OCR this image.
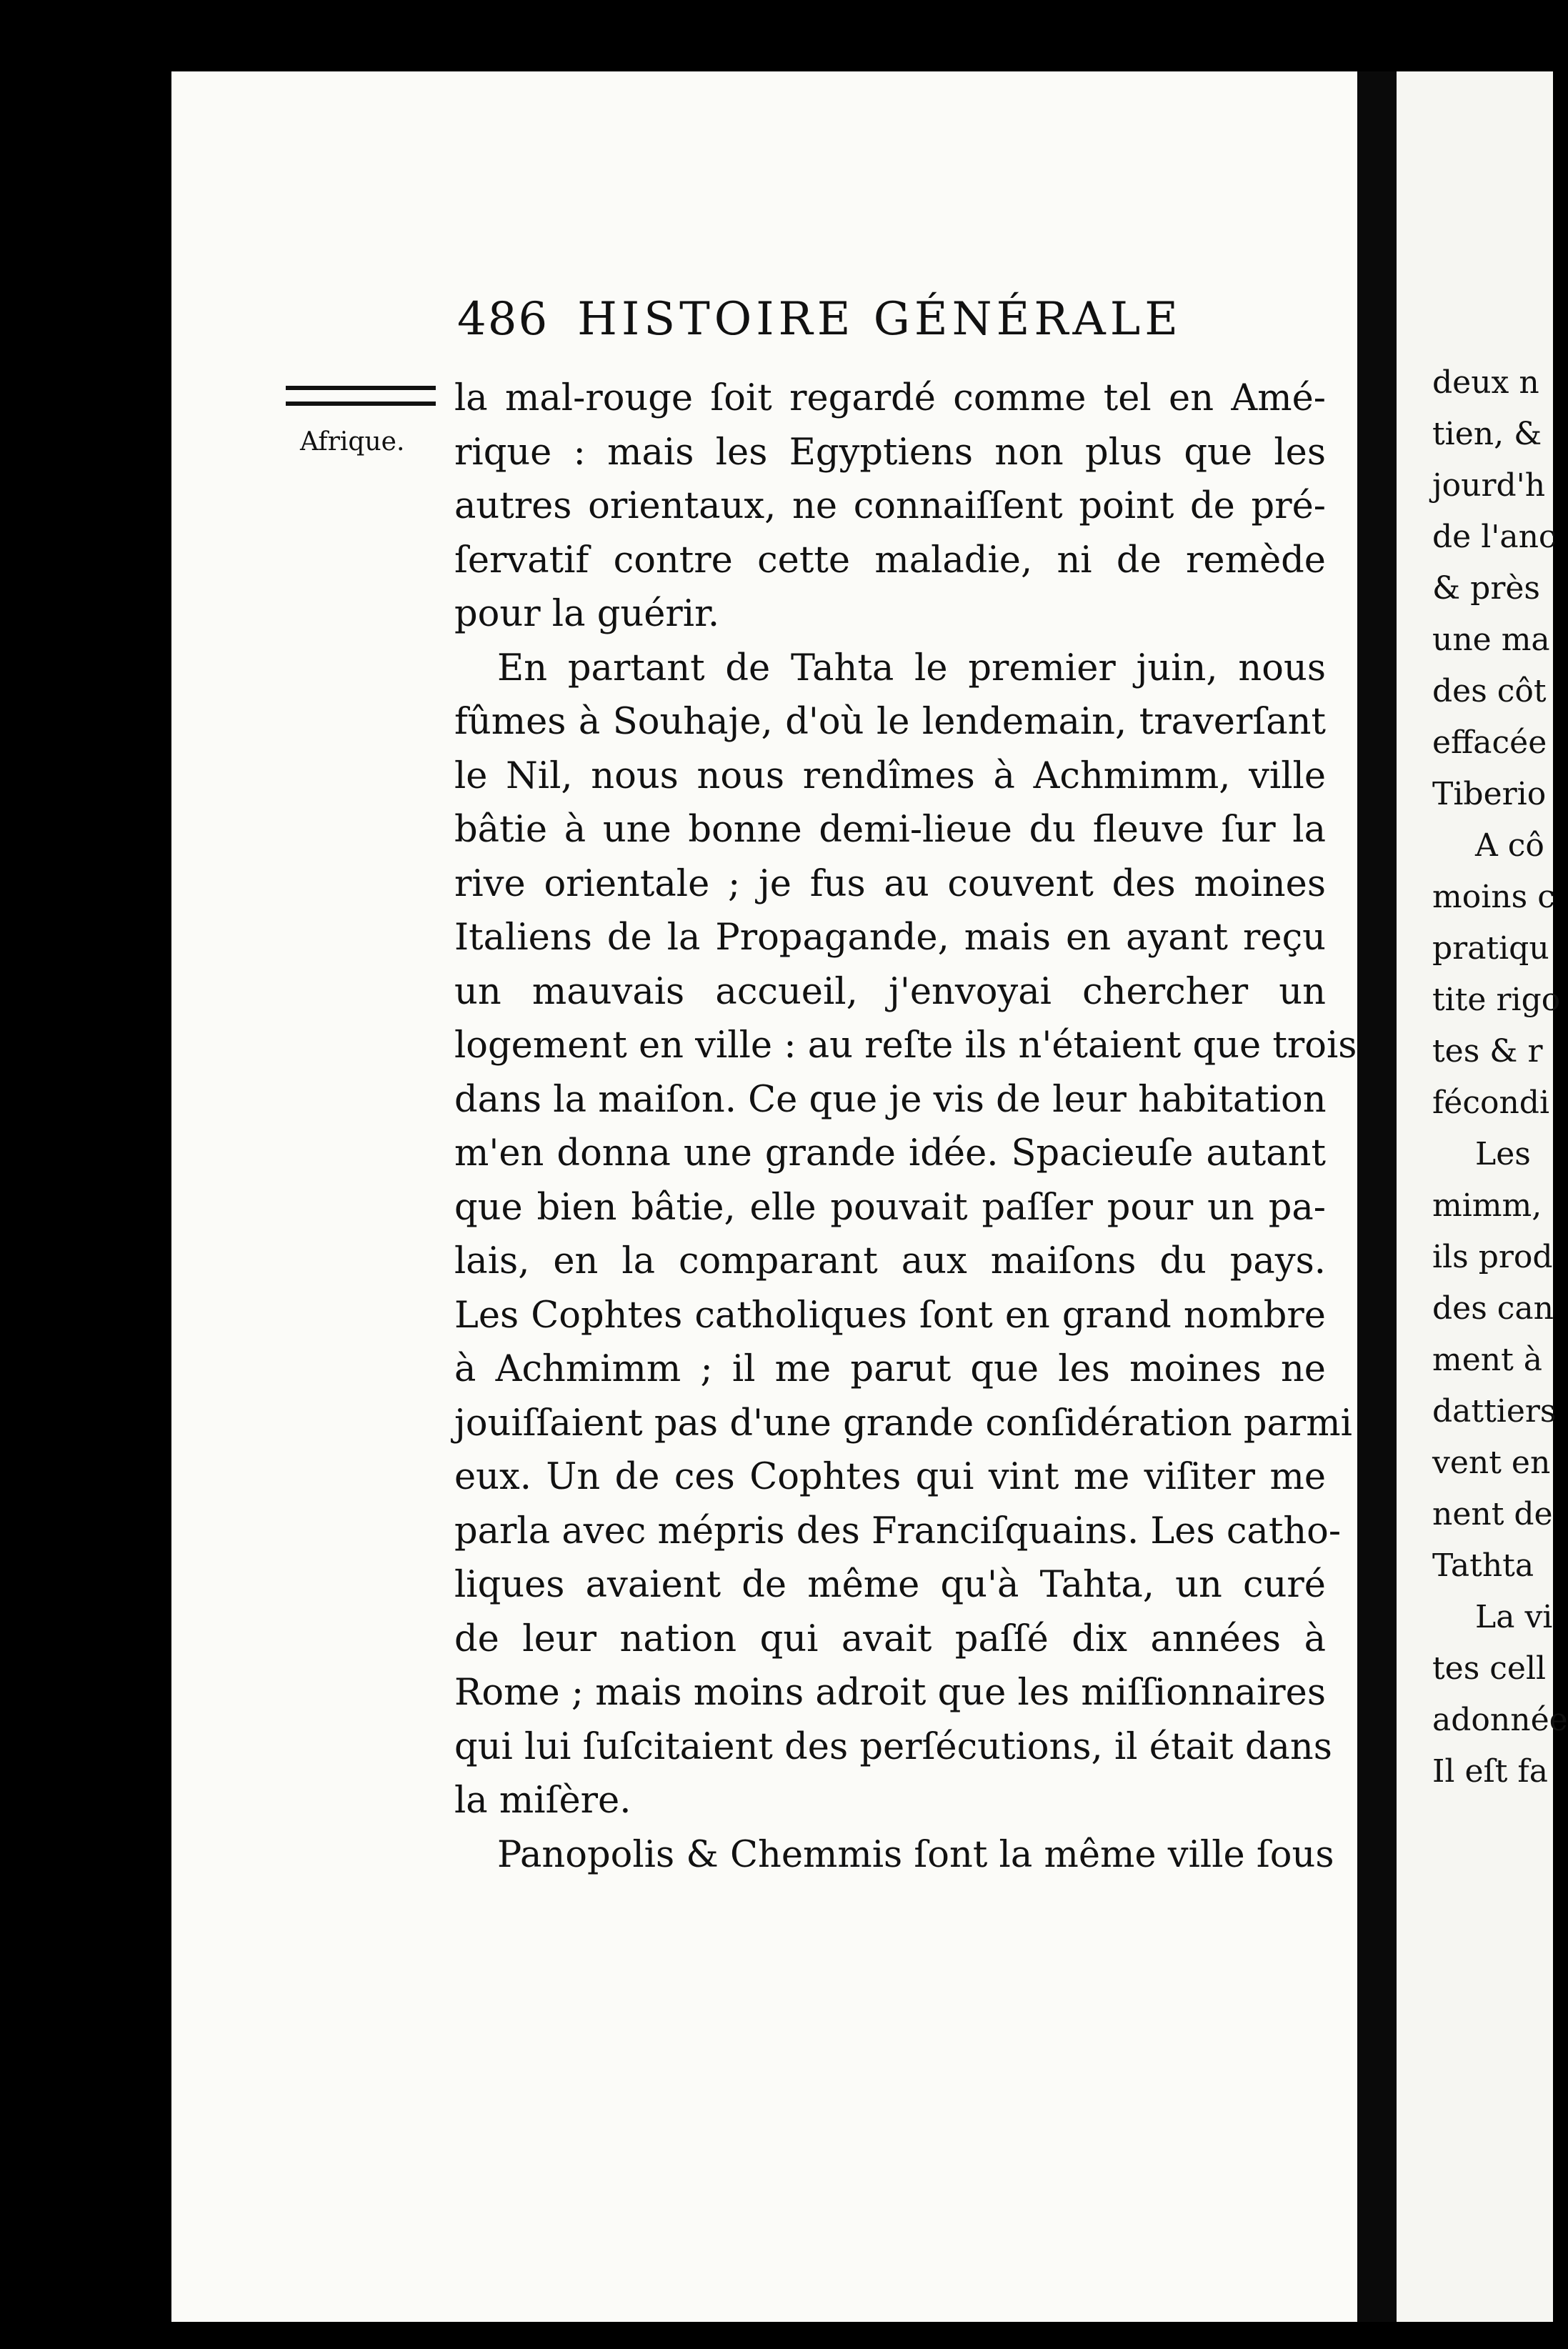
486 HISTOIRE GÉNÉRALE
Afrique.
la mal-rouge ſoit regardé comme tel en Amé-
rique : mais les Egyptiens non plus que les
autres orientaux, ne connaiſſent point de pré-
ſervatif contre cette maladie, ni de remède
pour la guérir.
En partant de Tahta le premier juin, nous
fûmes à Souhaje, d'où le lendemain, traverſant
le Nil, nous nous rendîmes à Achmimm, ville
bâtie à une bonne demi-lieue du fleuve ſur la
rive orientale ; je fus au couvent des moines
Italiens de la Propagande, mais en ayant reçu
un mauvais accueil, j'envoyai chercher un
logement en ville : au reſte ils n'étaient que trois
dans la maiſon. Ce que je vis de leur habitation
m'en donna une grande idée. Spacieuſe autant
que bien bâtie, elle pouvait paſſer pour un pa-
lais, en la comparant aux maiſons du pays.
Les Cophtes catholiques ſont en grand nombre
à Achmimm ; il me parut que les moines ne
jouiſſaient pas d'une grande conſidération parmi
eux. Un de ces Cophtes qui vint me viſiter me
parla avec mépris des Franciſquains. Les catho-
liques avaient de même qu'à Tahta, un curé
de leur nation qui avait paſſé dix années à
Rome ; mais moins adroit que les miſſionnaires
qui lui ſuſcitaient des perſécutions, il était dans
la miſère.
Panopolis & Chemmis ſont la même ville ſous
deux n
tien, &
jourd'h
de l'anc
& près
une ma
des côt
effacée
Tiberio
A cô
moins c
pratiqu
tite rigo
tes & r
fécondi
Les
mimm,
ils prod
des can
ment à
dattiers
vent en
nent de
Tathta
La vi
tes cell
adonnée
Il eſt fa
